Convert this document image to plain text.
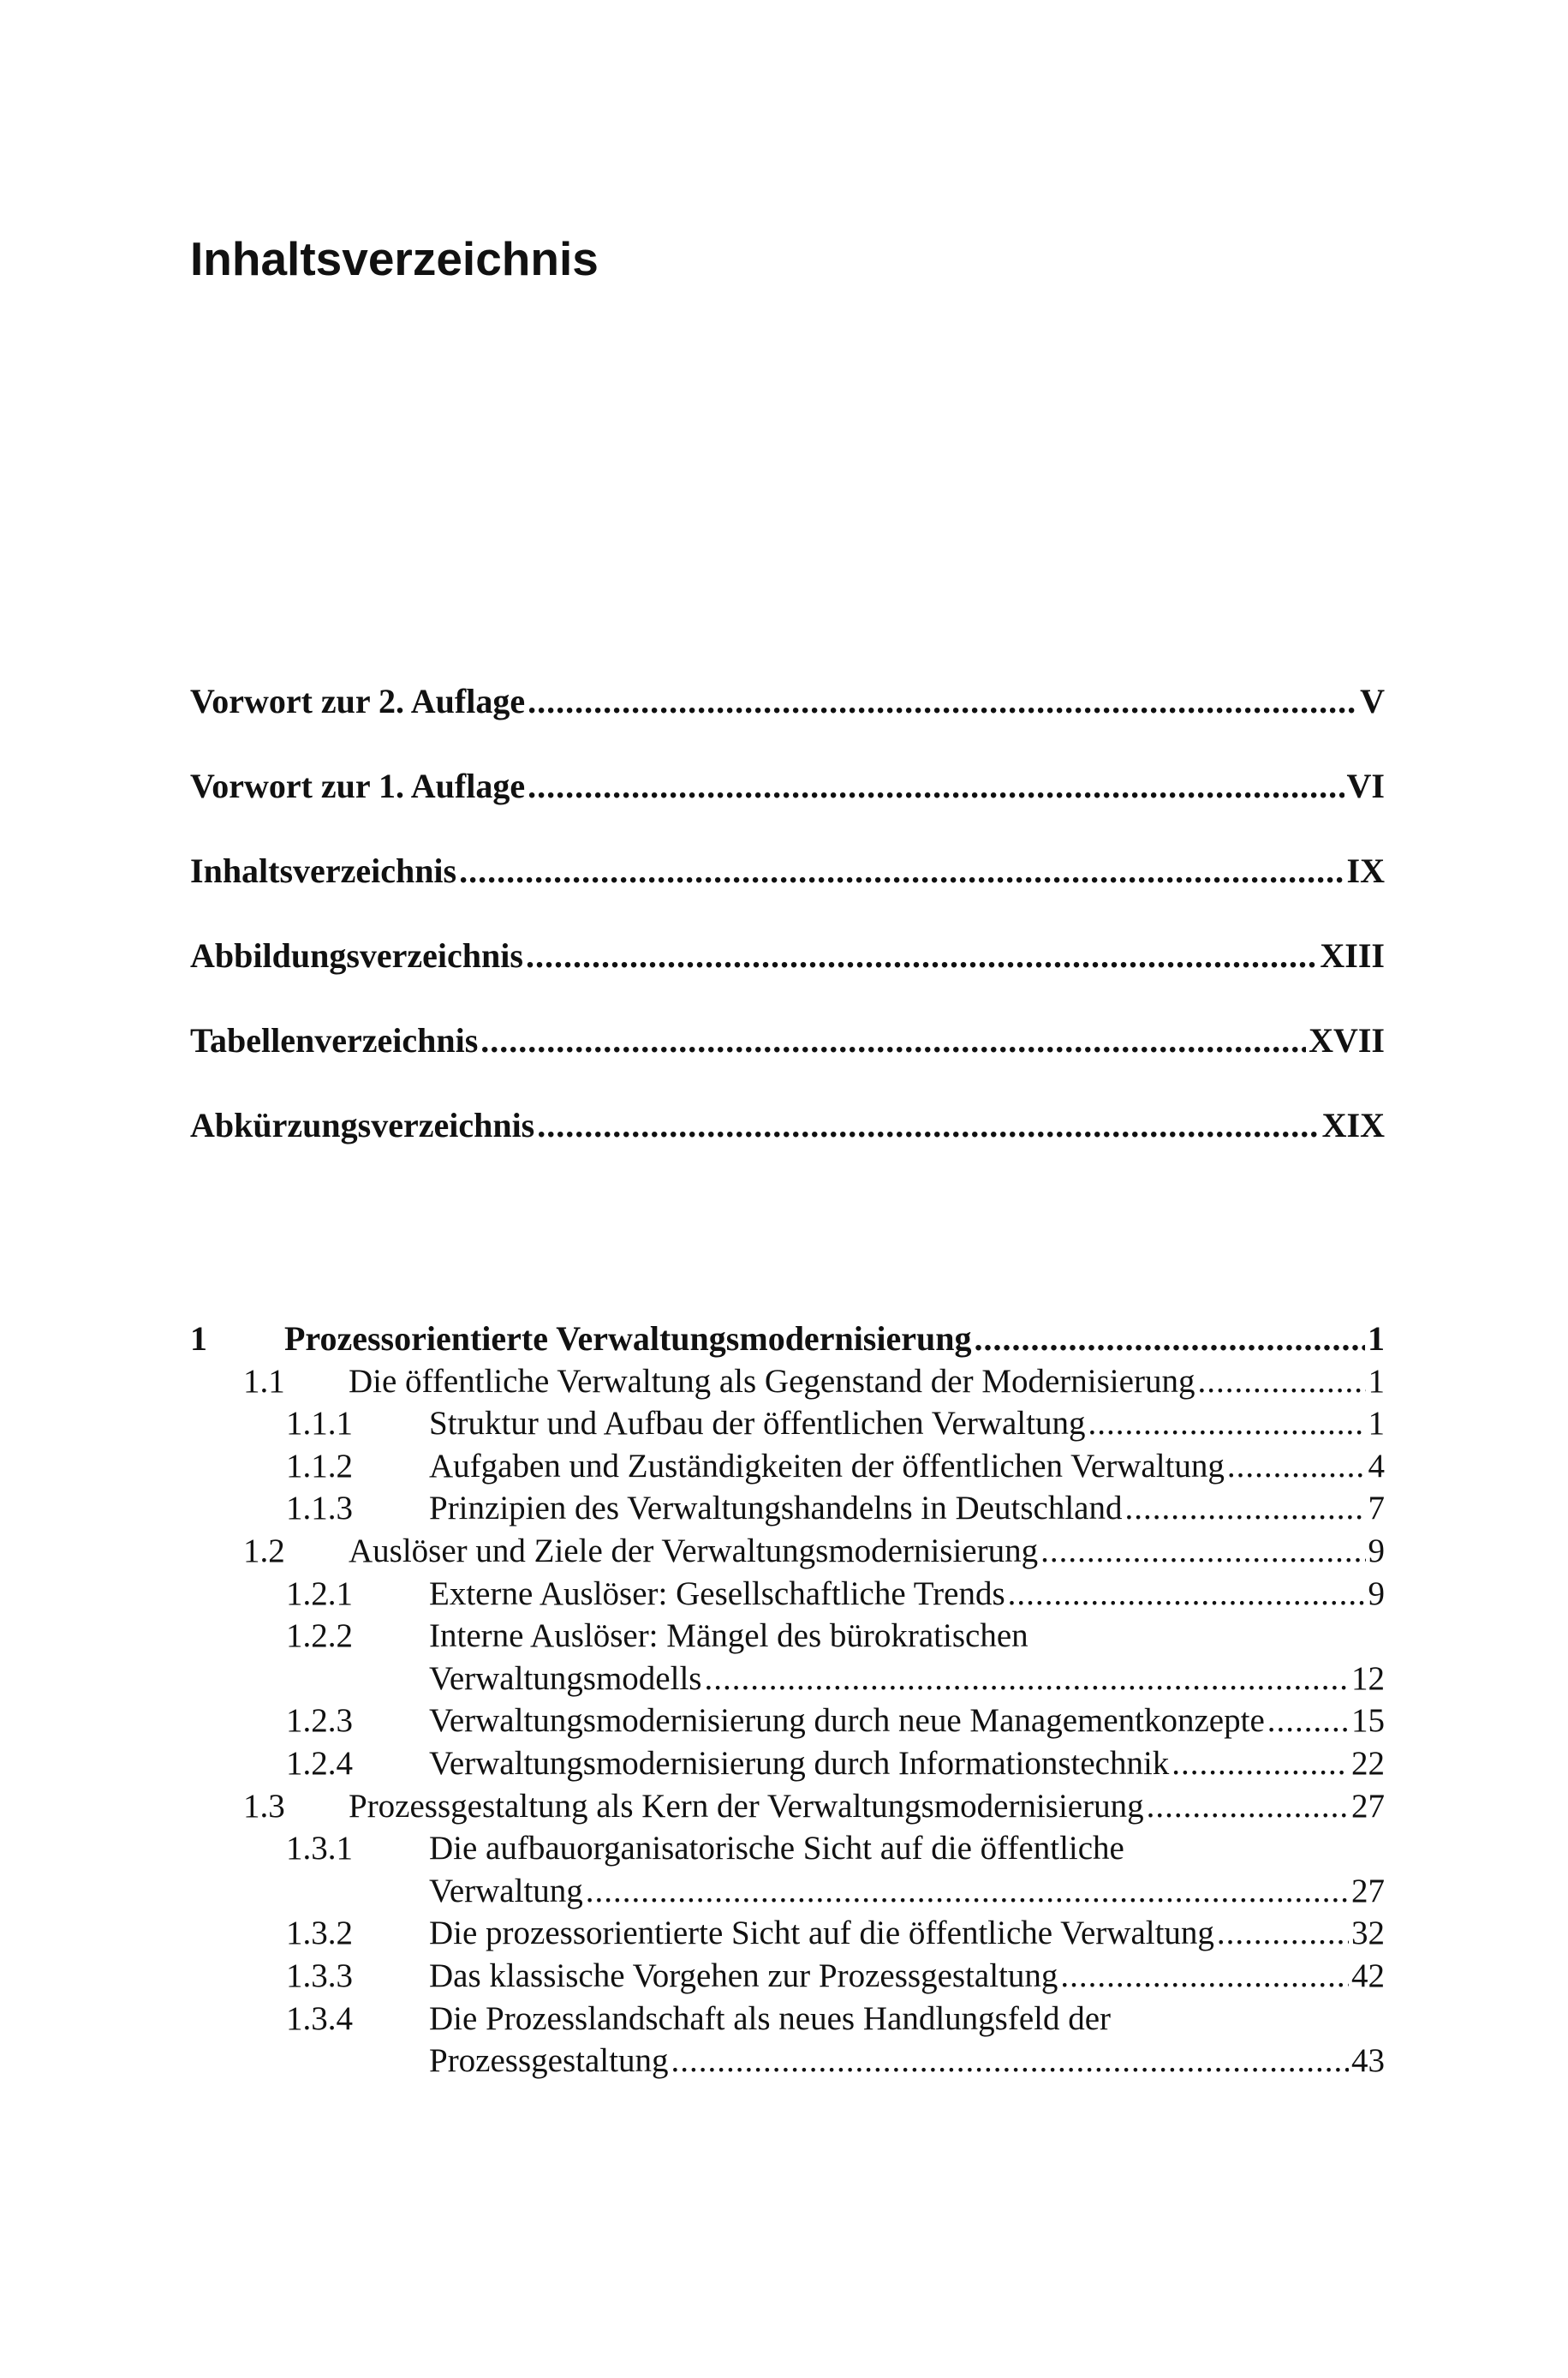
Inhaltsverzeichnis
Vorwort zur 2. Auflage .....	V
Vorwort zur 1. Auflage .....	VI
Inhaltsverzeichnis .....	IX
Abbildungsverzeichnis .....	XIII
Tabellenverzeichnis .....	XVII
Abkürzungsverzeichnis .....	XIX
1	Prozessorientierte Verwaltungsmodernisierung .....	1
1.1	Die öffentliche Verwaltung als Gegenstand der Modernisierung .....	1
1.1.1	Struktur und Aufbau der öffentlichen Verwaltung .....	1
1.1.2	Aufgaben und Zuständigkeiten der öffentlichen Verwaltung .....	4
1.1.3	Prinzipien des Verwaltungshandelns in Deutschland .....	7
1.2	Auslöser und Ziele der Verwaltungsmodernisierung .....	9
1.2.1	Externe Auslöser: Gesellschaftliche Trends .....	9
1.2.2	Interne Auslöser: Mängel des bürokratischen
Verwaltungsmodells .....	12
1.2.3	Verwaltungsmodernisierung durch neue Managementkonzepte .....	15
1.2.4	Verwaltungsmodernisierung durch Informationstechnik .....	22
1.3	Prozessgestaltung als Kern der Verwaltungsmodernisierung .....	27
1.3.1	Die aufbauorganisatorische Sicht auf die öffentliche
Verwaltung .....	27
1.3.2	Die prozessorientierte Sicht auf die öffentliche Verwaltung .....	32
1.3.3	Das klassische Vorgehen zur Prozessgestaltung .....	42
1.3.4	Die Prozesslandschaft als neues Handlungsfeld der
Prozessgestaltung .....	43
